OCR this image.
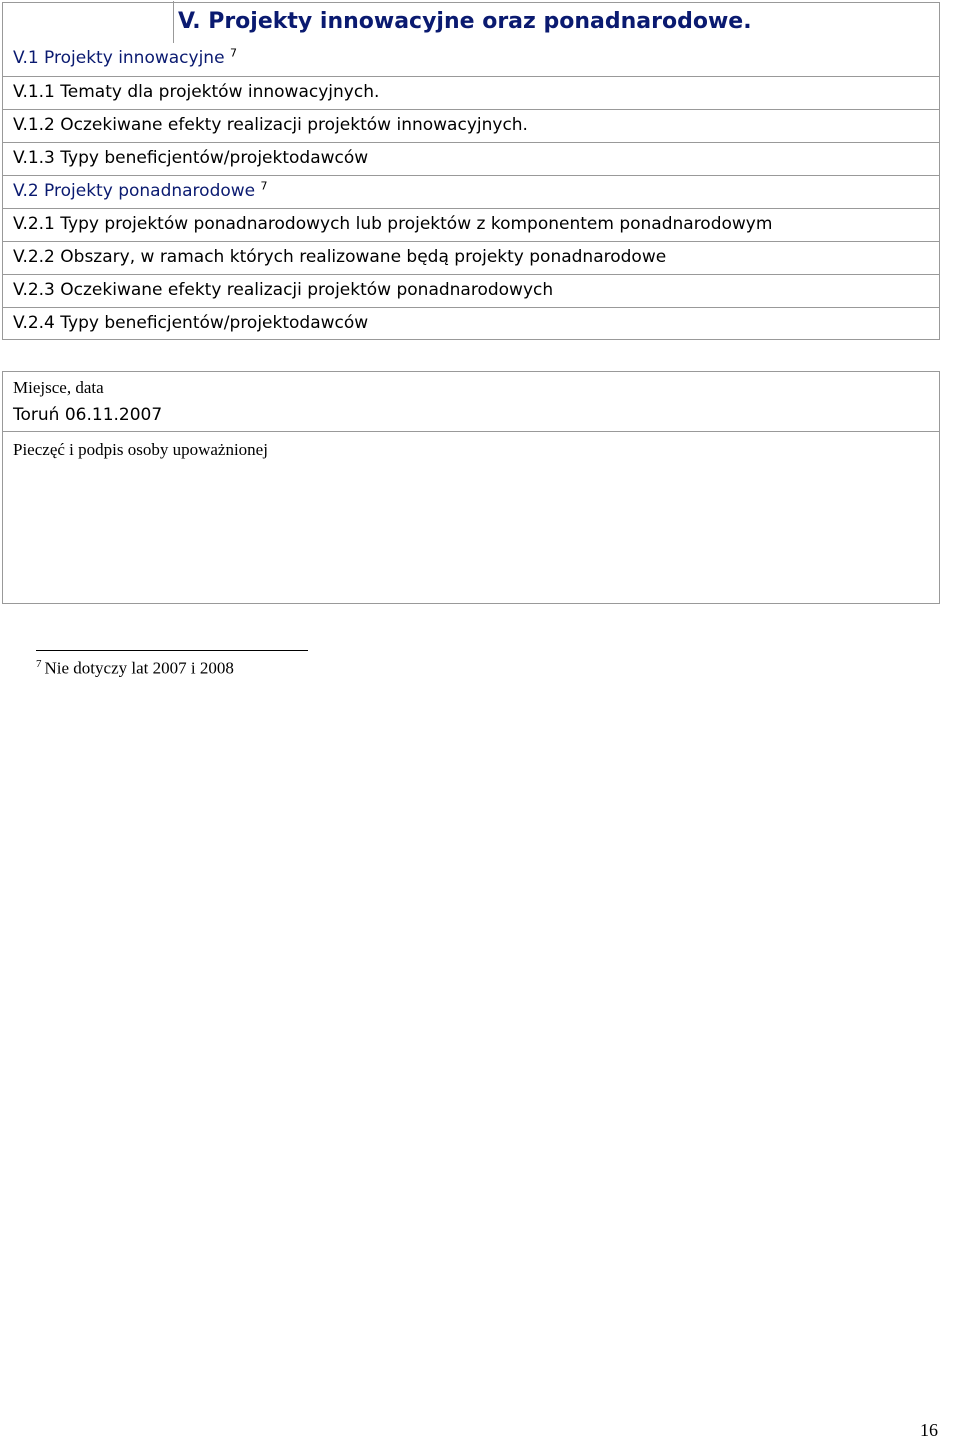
V. Projekty innowacyjne oraz ponadnarodowe.
V.1 Projekty innowacyjne $^7$
V.1.1 Tematy dla projektów innowacyjnych.
V.1.2 Oczekiwane efekty realizacji projektów innowacyjnych.
V.1.3 Typy beneficjentów/projektodawców
V.2 Projekty ponadnarodowe $^7$
V.2.1 Typy projektów ponadnarodowych lub projektów z komponentem ponadnarodowym
V.2.2 Obszary, w ramach których realizowane będą projekty ponadnarodowe
V.2.3 Oczekiwane efekty realizacji projektów ponadnarodowych
V.2.4 Typy beneficjentów/projektodawców
Miejsce, data
Toruń 06.11.2007
Pieczęć i podpis osoby upoważnionej
$^7$ Nie dotyczy lat 2007 i 2008
16
